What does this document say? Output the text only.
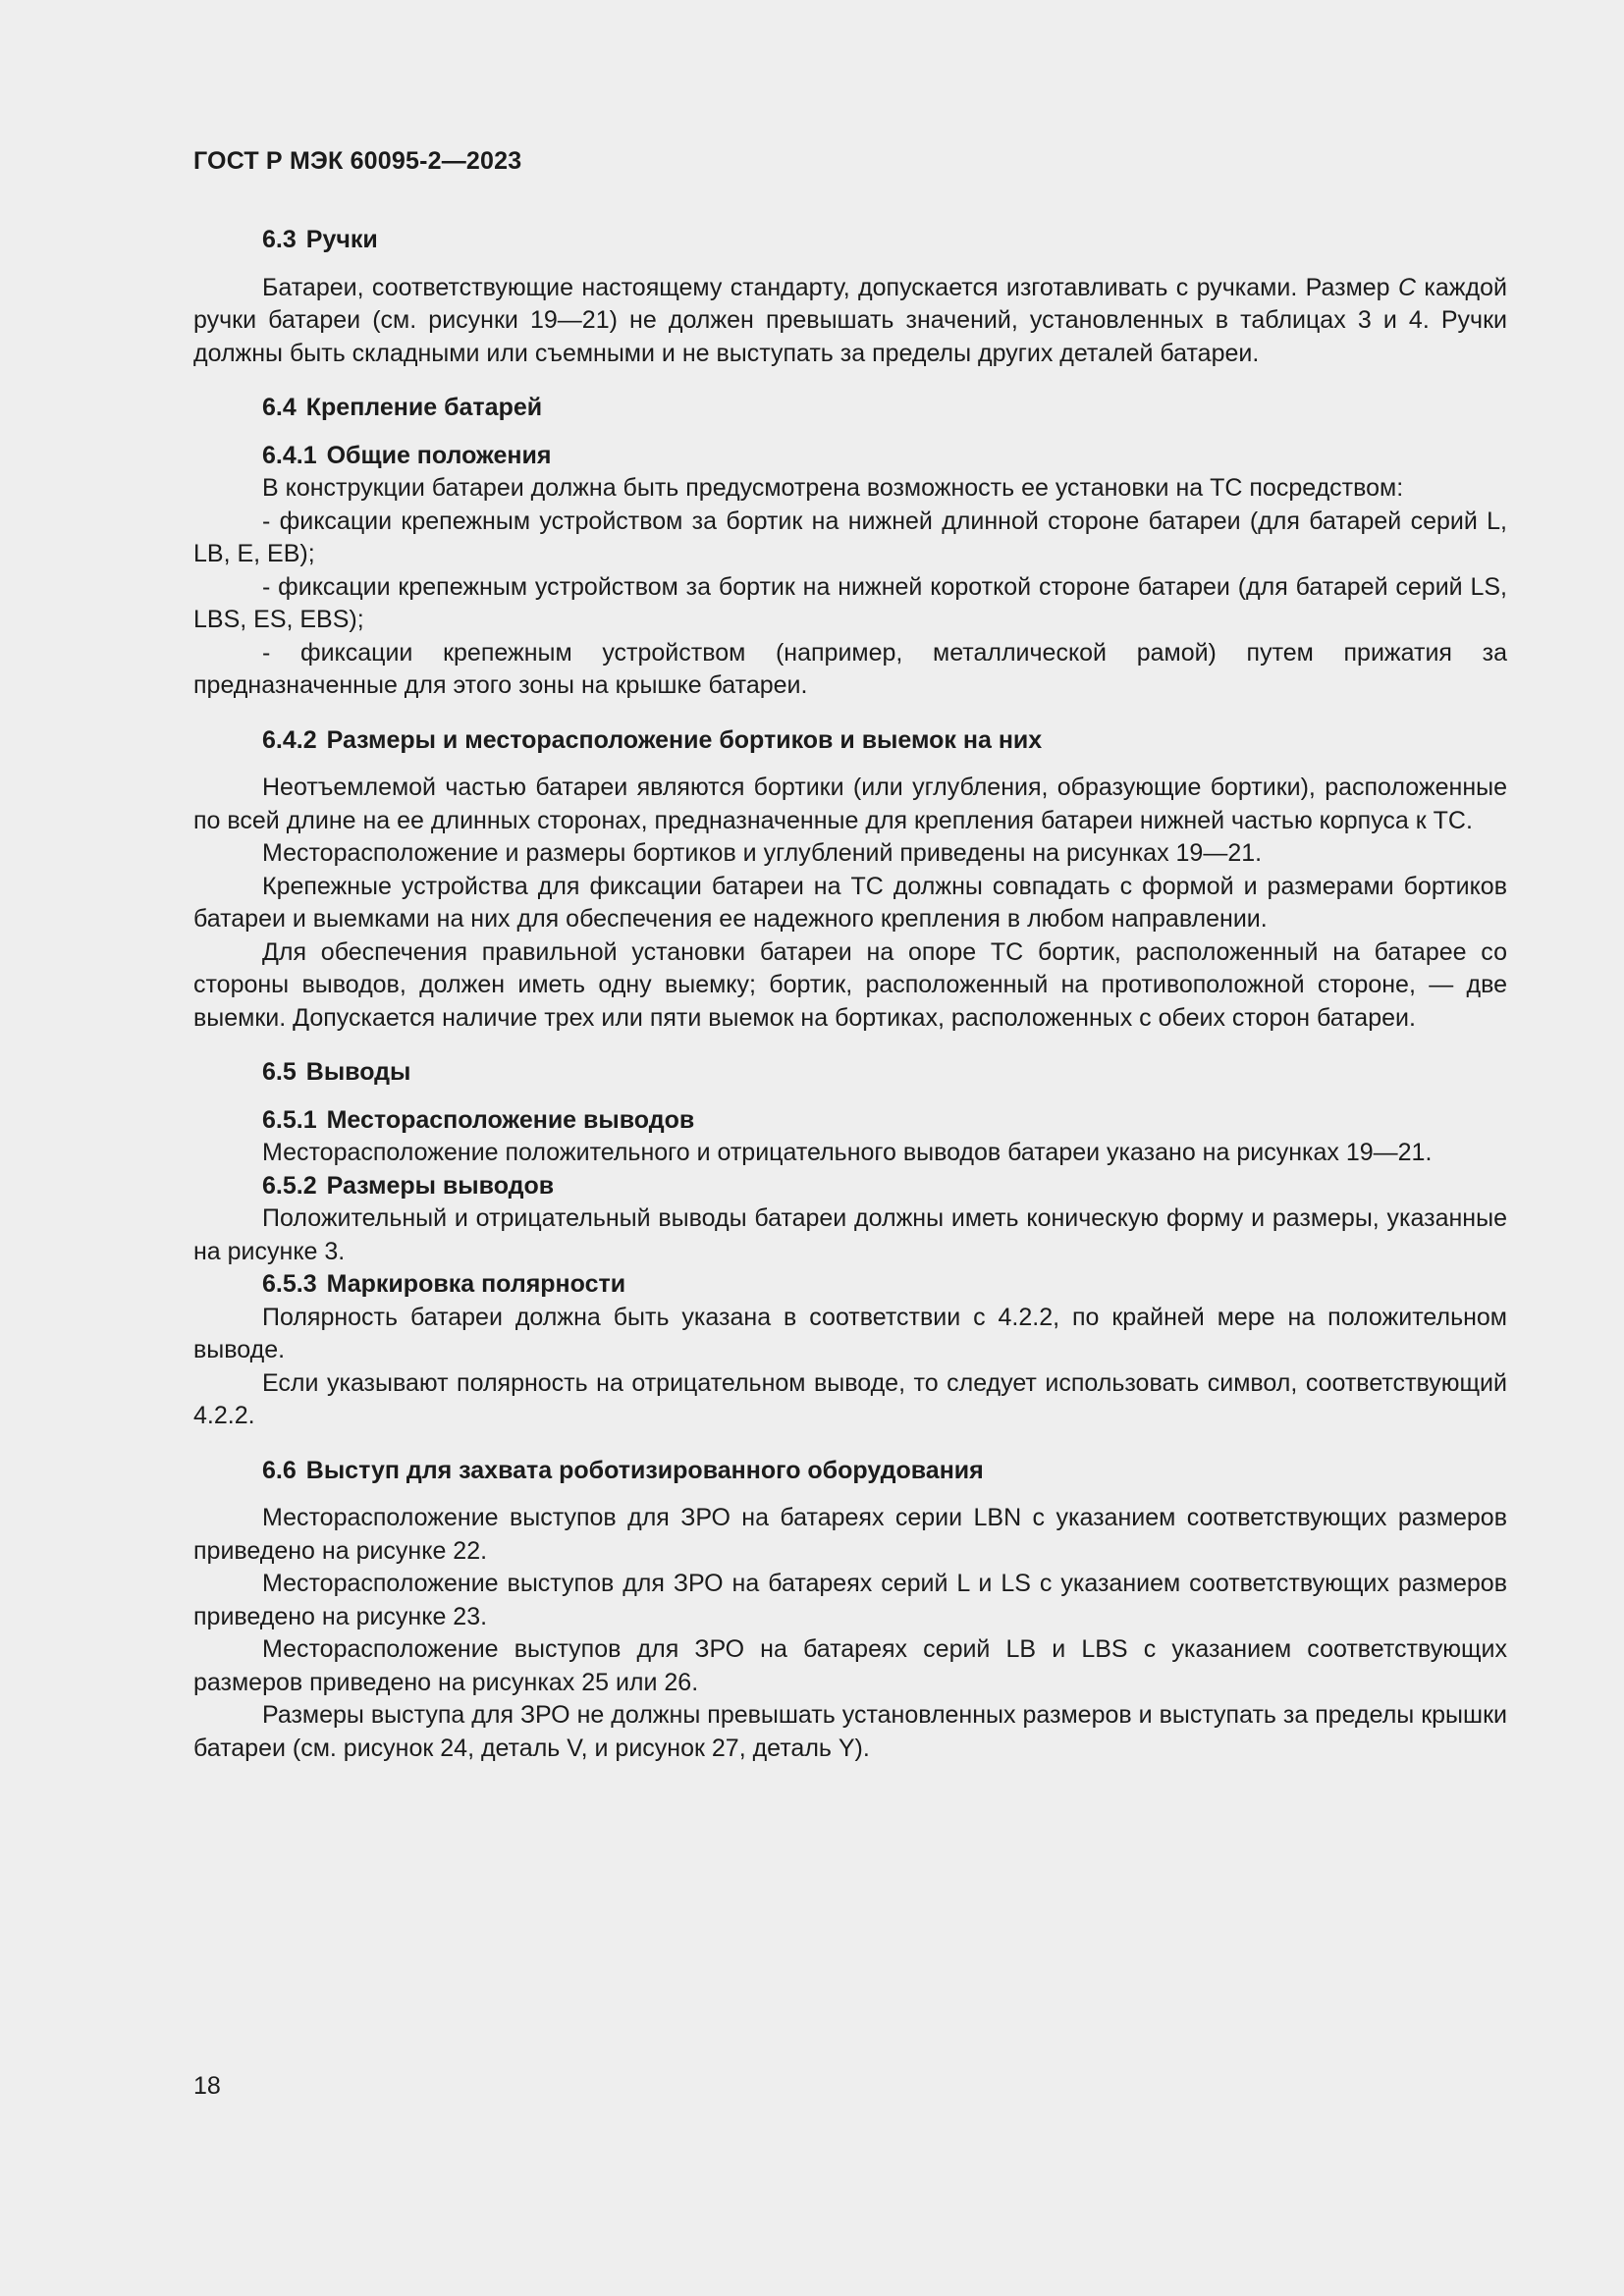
ГОСТ Р МЭК 60095-2—2023
6.3 Ручки

Батареи, соответствующие настоящему стандарту, допускается изготавливать с ручками. Размер C каждой ручки батареи (см. рисунки 19—21) не должен превышать значений, установленных в таблицах 3 и 4. Ручки должны быть складными или съемными и не выступать за пределы других деталей батареи.

6.4 Крепление батарей
6.4.1 Общие положения

В конструкции батареи должна быть предусмотрена возможность ее установки на ТС посредством:

- фиксации крепежным устройством за бортик на нижней длинной стороне батареи (для батарей серий L, LB, E, EB);

- фиксации крепежным устройством за бортик на нижней короткой стороне батареи (для батарей серий LS, LBS, ES, EBS);

- фиксации крепежным устройством (например, металлической рамой) путем прижатия за предназначенные для этого зоны на крышке батареи.

6.4.2 Размеры и месторасположение бортиков и выемок на них

Неотъемлемой частью батареи являются бортики (или углубления, образующие бортики), расположенные по всей длине на ее длинных сторонах, предназначенные для крепления батареи нижней частью корпуса к ТС.

Месторасположение и размеры бортиков и углублений приведены на рисунках 19—21.

Крепежные устройства для фиксации батареи на ТС должны совпадать с формой и размерами бортиков батареи и выемками на них для обеспечения ее надежного крепления в любом направлении.

Для обеспечения правильной установки батареи на опоре ТС бортик, расположенный на батарее со стороны выводов, должен иметь одну выемку; бортик, расположенный на противоположной стороне, — две выемки. Допускается наличие трех или пяти выемок на бортиках, расположенных с обеих сторон батареи.

6.5 Выводы
6.5.1 Месторасположение выводов

Месторасположение положительного и отрицательного выводов батареи указано на рисунках 19—21.

6.5.2 Размеры выводов

Положительный и отрицательный выводы батареи должны иметь коническую форму и размеры, указанные на рисунке 3.

6.5.3 Маркировка полярности

Полярность батареи должна быть указана в соответствии с 4.2.2, по крайней мере на положительном выводе.

Если указывают полярность на отрицательном выводе, то следует использовать символ, соответствующий 4.2.2.

6.6 Выступ для захвата роботизированного оборудования

Месторасположение выступов для ЗРО на батареях серии LBN с указанием соответствующих размеров приведено на рисунке 22.

Месторасположение выступов для ЗРО на батареях серий L и LS с указанием соответствующих размеров приведено на рисунке 23.

Месторасположение выступов для ЗРО на батареях серий LB и LBS с указанием соответствующих размеров приведено на рисунках 25 или 26.

Размеры выступа для ЗРО не должны превышать установленных размеров и выступать за пределы крышки батареи (см. рисунок 24, деталь V, и рисунок 27, деталь Y).

18
